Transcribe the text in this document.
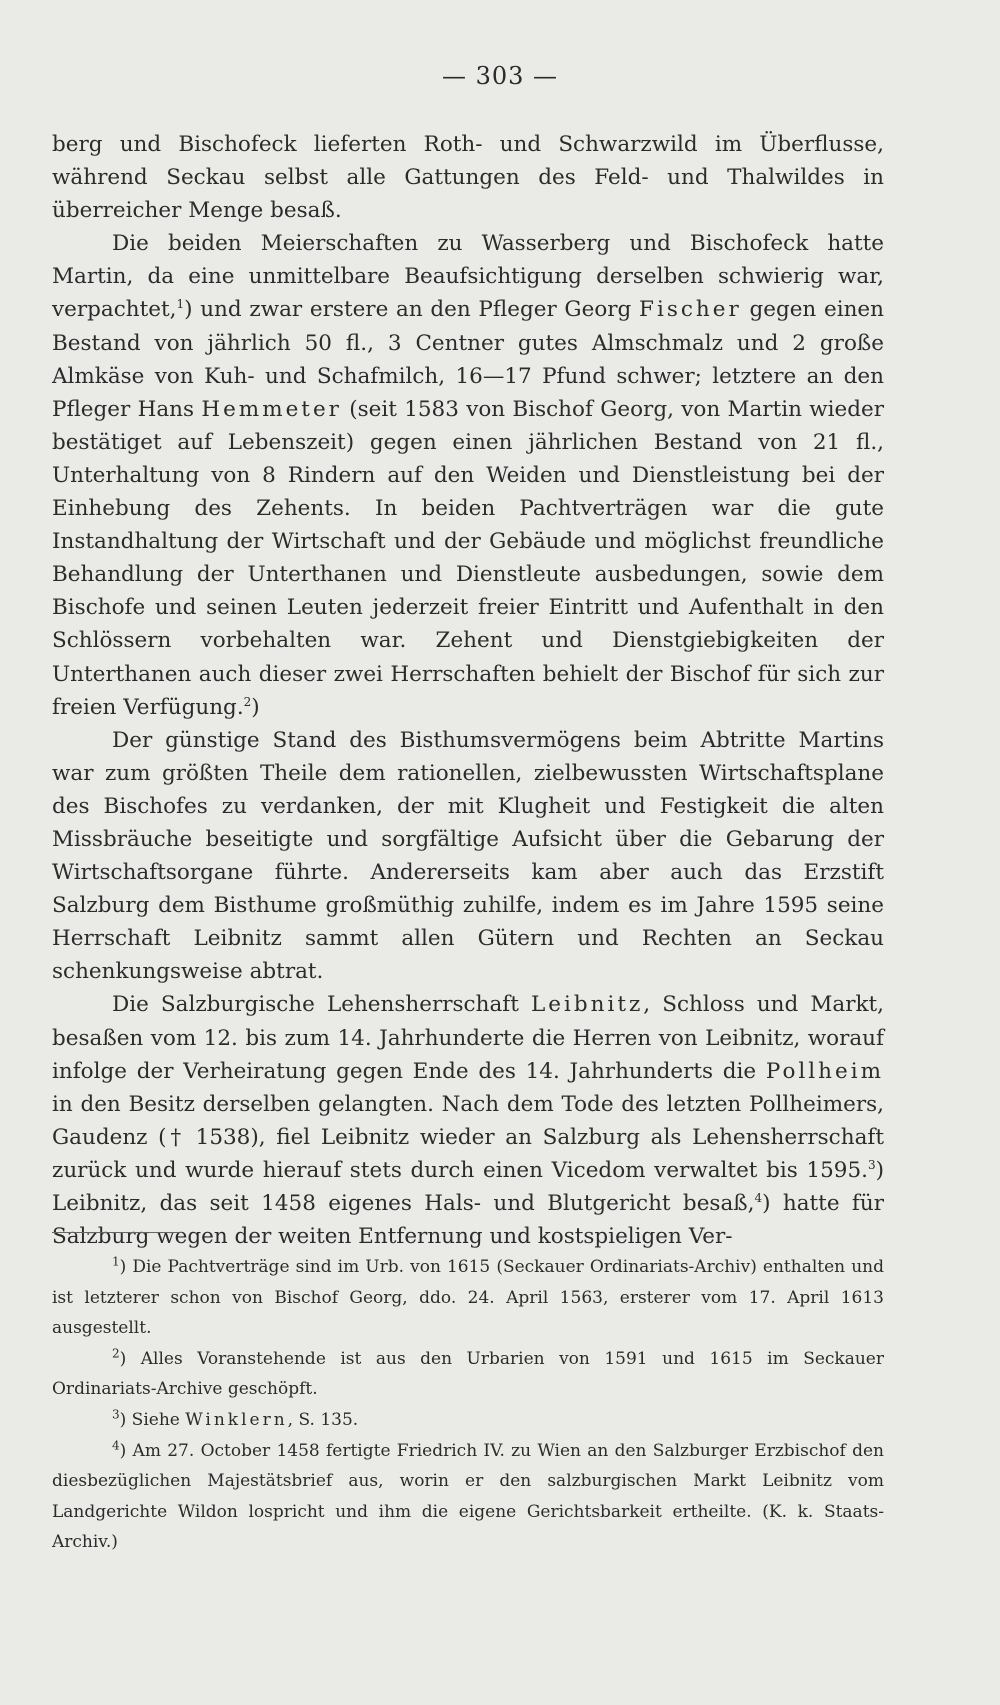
— 303 —

berg und Bischofeck lieferten Roth- und Schwarzwild im Überflusse, während Seckau selbst alle Gattungen des Feld- und Thalwildes in überreicher Menge besaß.

Die beiden Meierschaften zu Wasserberg und Bischofeck hatte Martin, da eine unmittelbare Beaufsichtigung derselben schwierig war, verpachtet,$^1$) und zwar erstere an den Pfleger Georg Fischer gegen einen Bestand von jährlich 50 fl., 3 Centner gutes Almschmalz und 2 große Almkäse von Kuh- und Schafmilch, 16—17 Pfund schwer; letztere an den Pfleger Hans Hemmeter (seit 1583 von Bischof Georg, von Martin wieder bestätiget auf Lebenszeit) gegen einen jährlichen Bestand von 21 fl., Unterhaltung von 8 Rindern auf den Weiden und Dienstleistung bei der Einhebung des Zehents. In beiden Pachtverträgen war die gute Instandhaltung der Wirtschaft und der Gebäude und möglichst freundliche Behandlung der Unterthanen und Dienstleute ausbedungen, sowie dem Bischofe und seinen Leuten jederzeit freier Eintritt und Aufenthalt in den Schlössern vorbehalten war. Zehent und Dienstgiebigkeiten der Unterthanen auch dieser zwei Herrschaften behielt der Bischof für sich zur freien Verfügung.$^2$)

Der günstige Stand des Bisthumsvermögens beim Abtritte Martins war zum größten Theile dem rationellen, zielbewussten Wirtschaftsplane des Bischofes zu verdanken, der mit Klugheit und Festigkeit die alten Missbräuche beseitigte und sorgfältige Aufsicht über die Gebarung der Wirtschaftsorgane führte. Andererseits kam aber auch das Erzstift Salzburg dem Bisthume großmüthig zuhilfe, indem es im Jahre 1595 seine Herrschaft Leibnitz sammt allen Gütern und Rechten an Seckau schenkungsweise abtrat.

Die Salzburgische Lehensherrschaft Leibnitz, Schloss und Markt, besaßen vom 12. bis zum 14. Jahrhunderte die Herren von Leibnitz, worauf infolge der Verheiratung gegen Ende des 14. Jahrhunderts die Pollheim in den Besitz derselben gelangten. Nach dem Tode des letzten Pollheimers, Gaudenz († 1538), fiel Leibnitz wieder an Salzburg als Lehensherrschaft zurück und wurde hierauf stets durch einen Vicedom verwaltet bis 1595.$^3$) Leibnitz, das seit 1458 eigenes Hals- und Blutgericht besaß,$^4$) hatte für Salzburg wegen der weiten Entfernung und kostspieligen Ver-

$^1$) Die Pachtverträge sind im Urb. von 1615 (Seckauer Ordinariats-Archiv) enthalten und ist letzterer schon von Bischof Georg, ddo. 24. April 1563, ersterer vom 17. April 1613 ausgestellt.

$^2$) Alles Voranstehende ist aus den Urbarien von 1591 und 1615 im Seckauer Ordinariats-Archive geschöpft.

$^3$) Siehe Winklern, S. 135.

$^4$) Am 27. October 1458 fertigte Friedrich IV. zu Wien an den Salzburger Erzbischof den diesbezüglichen Majestätsbrief aus, worin er den salzburgischen Markt Leibnitz vom Landgerichte Wildon lospricht und ihm die eigene Gerichtsbarkeit ertheilte. (K. k. Staats-Archiv.)
